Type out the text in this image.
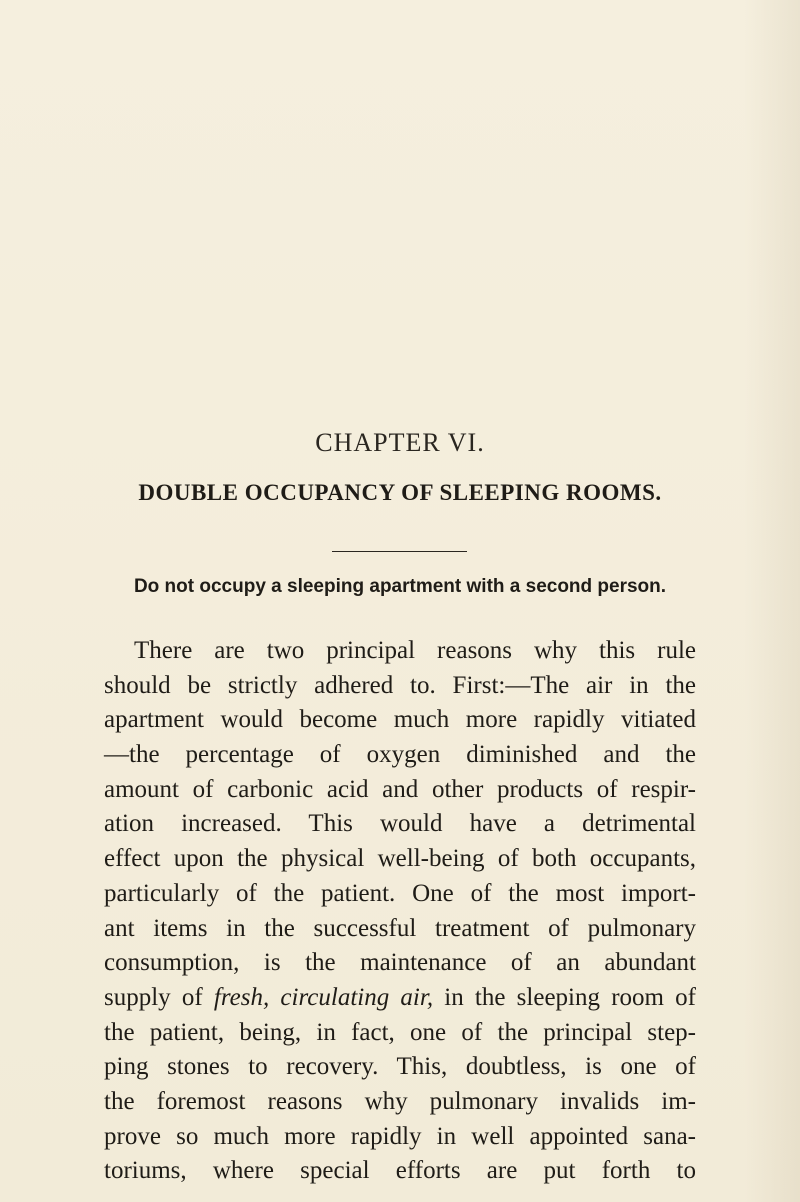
CHAPTER VI.
DOUBLE OCCUPANCY OF SLEEPING ROOMS.
Do not occupy a sleeping apartment with a second person.
There are two principal reasons why this rule
should be strictly adhered to. First:—The air in the
apartment would become much more rapidly vitiated
—the percentage of oxygen diminished and the
amount of carbonic acid and other products of respir-
ation increased. This would have a detrimental
effect upon the physical well-being of both occupants,
particularly of the patient. One of the most import-
ant items in the successful treatment of pulmonary
consumption, is the maintenance of an abundant
supply of fresh, circulating air, in the sleeping room of
the patient, being, in fact, one of the principal step-
ping stones to recovery. This, doubtless, is one of
the foremost reasons why pulmonary invalids im-
prove so much more rapidly in well appointed sana-
toriums, where special efforts are put forth to
